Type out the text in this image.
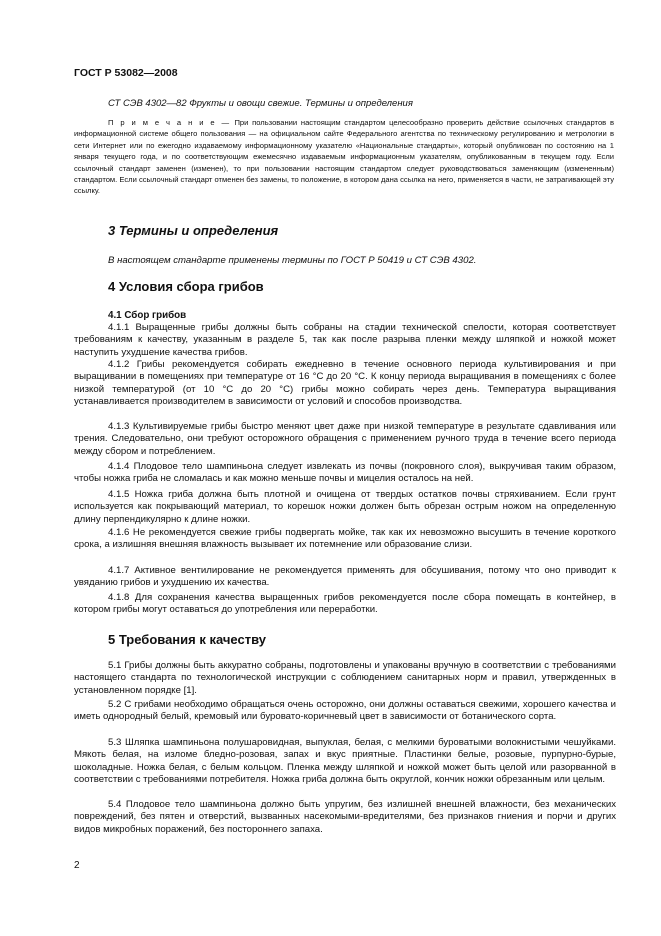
ГОСТ Р 53082—2008
СТ СЭВ 4302—82 Фрукты и овощи свежие. Термины и определения
П р и м е ч а н и е — При пользовании настоящим стандартом целесообразно проверить действие ссылочных стандартов в информационной системе общего пользования — на официальном сайте Федерального агентства по техническому регулированию и метрологии в сети Интернет или по ежегодно издаваемому информационному указателю «Национальные стандарты», который опубликован по состоянию на 1 января текущего года, и по соответствующим ежемесячно издаваемым информационным указателям, опубликованным в текущем году. Если ссылочный стандарт заменен (изменен), то при пользовании настоящим стандартом следует руководствоваться заменяющим (измененным) стандартом. Если ссылочный стандарт отменен без замены, то положение, в котором дана ссылка на него, применяется в части, не затрагивающей эту ссылку.
3 Термины и определения
В настоящем стандарте применены термины по ГОСТ Р 50419 и СТ СЭВ 4302.
4 Условия сбора грибов
4.1 Сбор грибов
4.1.1 Выращенные грибы должны быть собраны на стадии технической спелости, которая соответствует требованиям к качеству, указанным в разделе 5, так как после разрыва пленки между шляпкой и ножкой может наступить ухудшение качества грибов.
4.1.2 Грибы рекомендуется собирать ежедневно в течение основного периода культивирования и при выращивании в помещениях при температуре от 16 °С до 20 °С. К концу периода выращивания в помещениях с более низкой температурой (от 10 °С до 20 °С) грибы можно собирать через день. Температура выращивания устанавливается производителем в зависимости от условий и способов производства.
4.1.3 Культивируемые грибы быстро меняют цвет даже при низкой температуре в результате сдавливания или трения. Следовательно, они требуют осторожного обращения с применением ручного труда в течение всего периода между сбором и потреблением.
4.1.4 Плодовое тело шампиньона следует извлекать из почвы (покровного слоя), выкручивая таким образом, чтобы ножка гриба не сломалась и как можно меньше почвы и мицелия осталось на ней.
4.1.5 Ножка гриба должна быть плотной и очищена от твердых остатков почвы стряхиванием. Если грунт используется как покрывающий материал, то корешок ножки должен быть обрезан острым ножом на определенную длину перпендикулярно к длине ножки.
4.1.6 Не рекомендуется свежие грибы подвергать мойке, так как их невозможно высушить в течение короткого срока, а излишняя внешняя влажность вызывает их потемнение или образование слизи.
4.1.7 Активное вентилирование не рекомендуется применять для обсушивания, потому что оно приводит к увяданию грибов и ухудшению их качества.
4.1.8 Для сохранения качества выращенных грибов рекомендуется после сбора помещать в контейнер, в котором грибы могут оставаться до употребления или переработки.
5 Требования к качеству
5.1 Грибы должны быть аккуратно собраны, подготовлены и упакованы вручную в соответствии с требованиями настоящего стандарта по технологической инструкции с соблюдением санитарных норм и правил, утвержденных в установленном порядке [1].
5.2 С грибами необходимо обращаться очень осторожно, они должны оставаться свежими, хорошего качества и иметь однородный белый, кремовый или буровато-коричневый цвет в зависимости от ботанического сорта.
5.3 Шляпка шампиньона полушаровидная, выпуклая, белая, с мелкими буроватыми волокнистыми чешуйками. Мякоть белая, на изломе бледно-розовая, запах и вкус приятные. Пластинки белые, розовые, пурпурно-бурые, шоколадные. Ножка белая, с белым кольцом. Пленка между шляпкой и ножкой может быть целой или разорванной в соответствии с требованиями потребителя. Ножка гриба должна быть округлой, кончик ножки обрезанным или целым.
5.4 Плодовое тело шампиньона должно быть упругим, без излишней внешней влажности, без механических повреждений, без пятен и отверстий, вызванных насекомыми-вредителями, без признаков гниения и порчи и других видов микробных поражений, без постороннего запаха.
2
